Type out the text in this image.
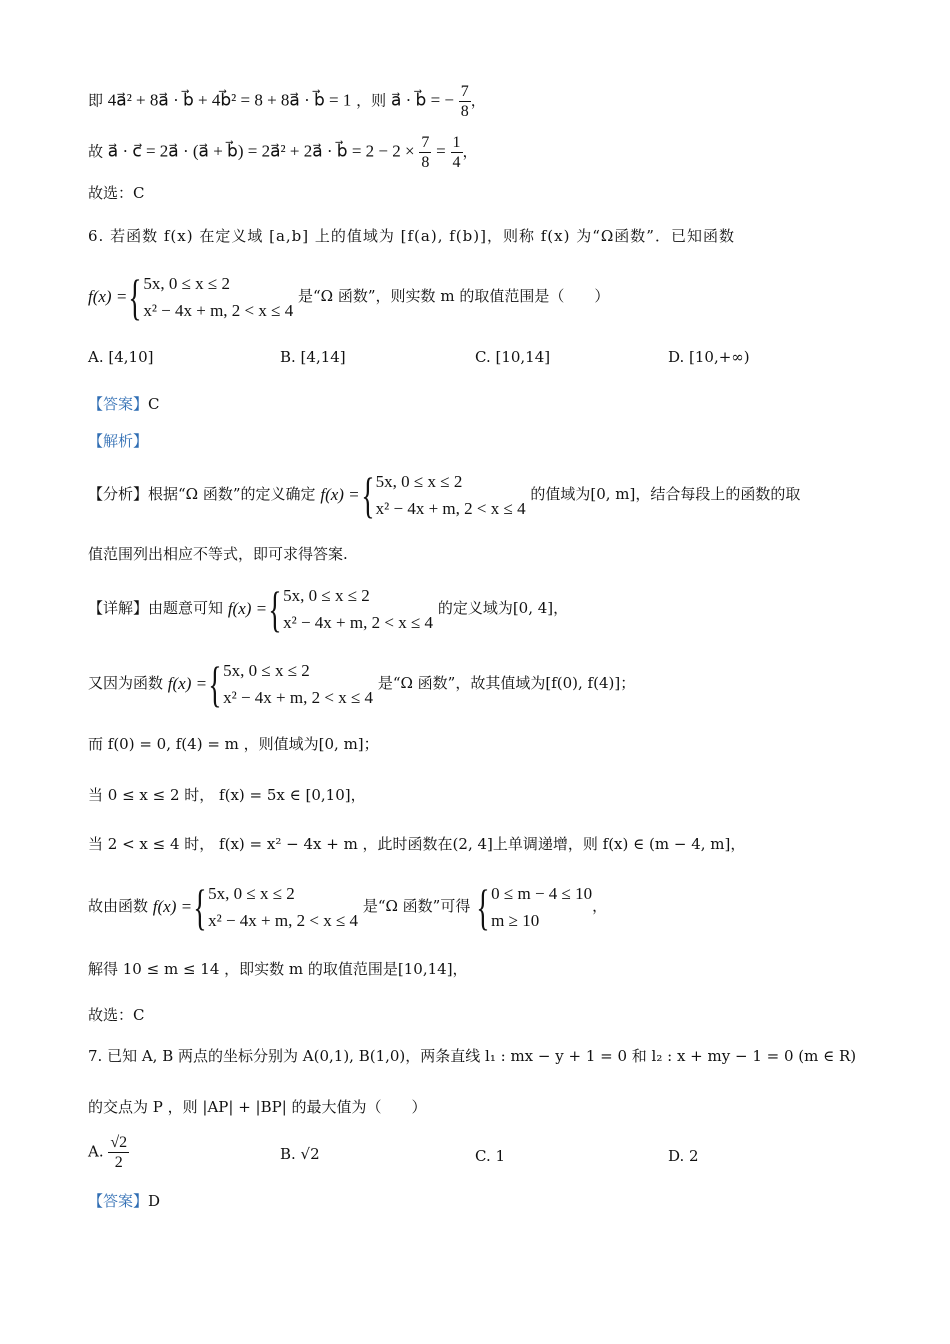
即 4a⃗² + 8a⃗ · b⃗ + 4b⃗² = 8 + 8a⃗ · b⃗ = 1 ，则 a⃗ · b⃗ = − $\frac{7}{8}$ ，
故 a⃗ · c⃗ = 2a⃗ · (a⃗ + b⃗) = 2a⃗² + 2a⃗ · b⃗ = $2 - 2 \times \frac{7}{8} = \frac{1}{4}$ ，
故选：C
6. 若函数 f(x) 在定义域 [a,b] 上的值域为 [f(a), f(b)]，则称 f(x) 为“Ω函数”．已知函数
f(x) = { 5x, 0 ≤ x ≤ 2
x² − 4x + m, 2 < x ≤ 4
是“Ω 函数”，则实数 m 的取值范围是（　　）
A. [4,10]	B. [4,14]	C. [10,14]	D. [10,+∞)
【答案】C
【解析】
【分析】根据“Ω 函数”的定义确定 f(x) = { 5x, 0 ≤ x ≤ 2
x² − 4x + m, 2 < x ≤ 4
的值域为[0, m]，结合每段上的函数的取
值范围列出相应不等式，即可求得答案.
【详解】由题意可知 f(x) = { 5x, 0 ≤ x ≤ 2
x² − 4x + m, 2 < x ≤ 4
的定义域为[0, 4]，
又因为函数 f(x) = { 5x, 0 ≤ x ≤ 2
x² − 4x + m, 2 < x ≤ 4
是“Ω 函数”，故其值域为[f(0), f(4)]；
而 f(0) = 0, f(4) = m ，则值域为[0, m]；
当 0 ≤ x ≤ 2 时， f(x) = 5x ∈ [0,10]，
当 2 < x ≤ 4 时， f(x) = x² − 4x + m ，此时函数在(2, 4]上单调递增，则 f(x) ∈ (m − 4, m]，
故由函数 f(x) = { 5x, 0 ≤ x ≤ 2
x² − 4x + m, 2 < x ≤ 4
是“Ω 函数”可得 { 0 ≤ m − 4 ≤ 10
m ≥ 10
，
解得 10 ≤ m ≤ 14 ，即实数 m 的取值范围是[10,14]，
故选：C
7. 已知 A, B 两点的坐标分别为 A(0,1), B(1,0)，两条直线 l₁ : mx − y + 1 = 0 和 l₂ : x + my − 1 = 0 (m ∈ R)
的交点为 P ，则 |AP| + |BP| 的最大值为（　　）
A. $\frac{√2}{2}$	B. √2	C. 1	D. 2
【答案】D
